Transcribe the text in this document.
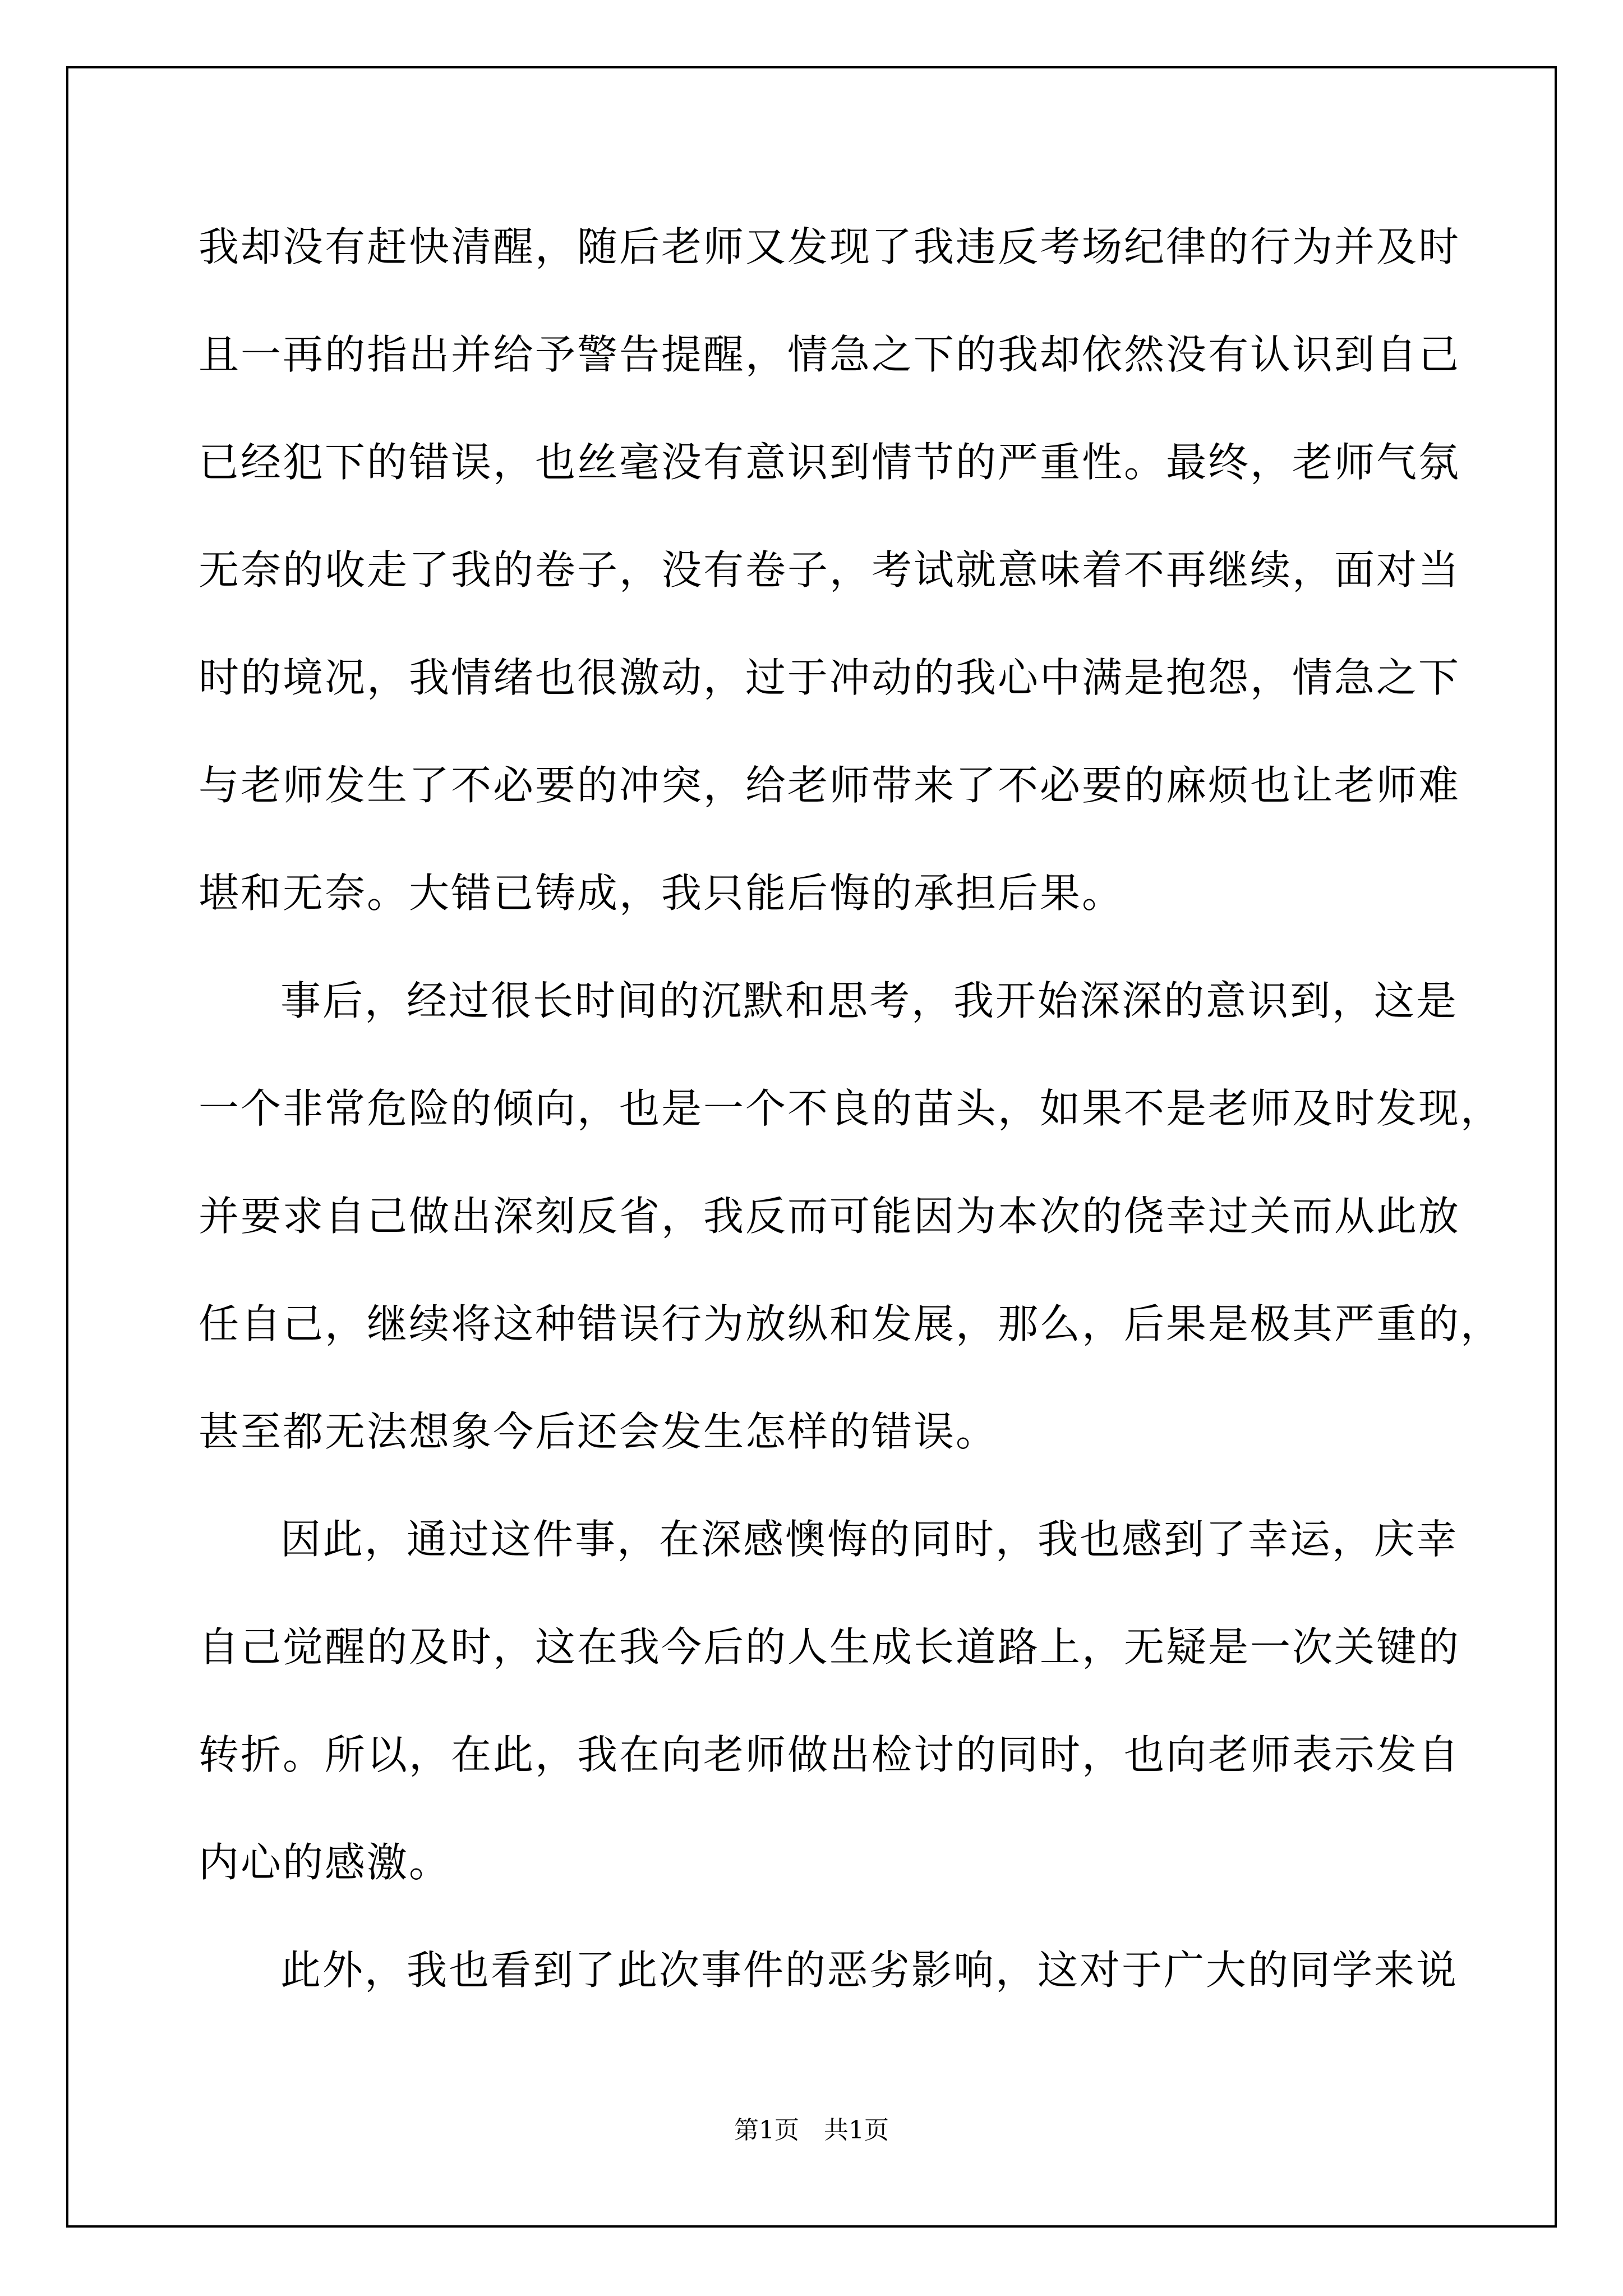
我却没有赶快清醒，随后老师又发现了我违反考场纪律的行为并及时
且一再的指出并给予警告提醒，情急之下的我却依然没有认识到自己
已经犯下的错误，也丝毫没有意识到情节的严重性。最终，老师气氛
无奈的收走了我的卷子，没有卷子，考试就意味着不再继续，面对当
时的境况，我情绪也很激动，过于冲动的我心中满是抱怨，情急之下
与老师发生了不必要的冲突，给老师带来了不必要的麻烦也让老师难
堪和无奈。大错已铸成，我只能后悔的承担后果。
事后，经过很长时间的沉默和思考，我开始深深的意识到，这是
一个非常危险的倾向，也是一个不良的苗头，如果不是老师及时发现，
并要求自己做出深刻反省，我反而可能因为本次的侥幸过关而从此放
任自己，继续将这种错误行为放纵和发展，那么，后果是极其严重的，
甚至都无法想象今后还会发生怎样的错误。
因此，通过这件事，在深感懊悔的同时，我也感到了幸运，庆幸
自己觉醒的及时，这在我今后的人生成长道路上，无疑是一次关键的
转折。所以，在此，我在向老师做出检讨的同时，也向老师表示发自
内心的感激。
此外，我也看到了此次事件的恶劣影响，这对于广大的同学来说
第1页　共1页
